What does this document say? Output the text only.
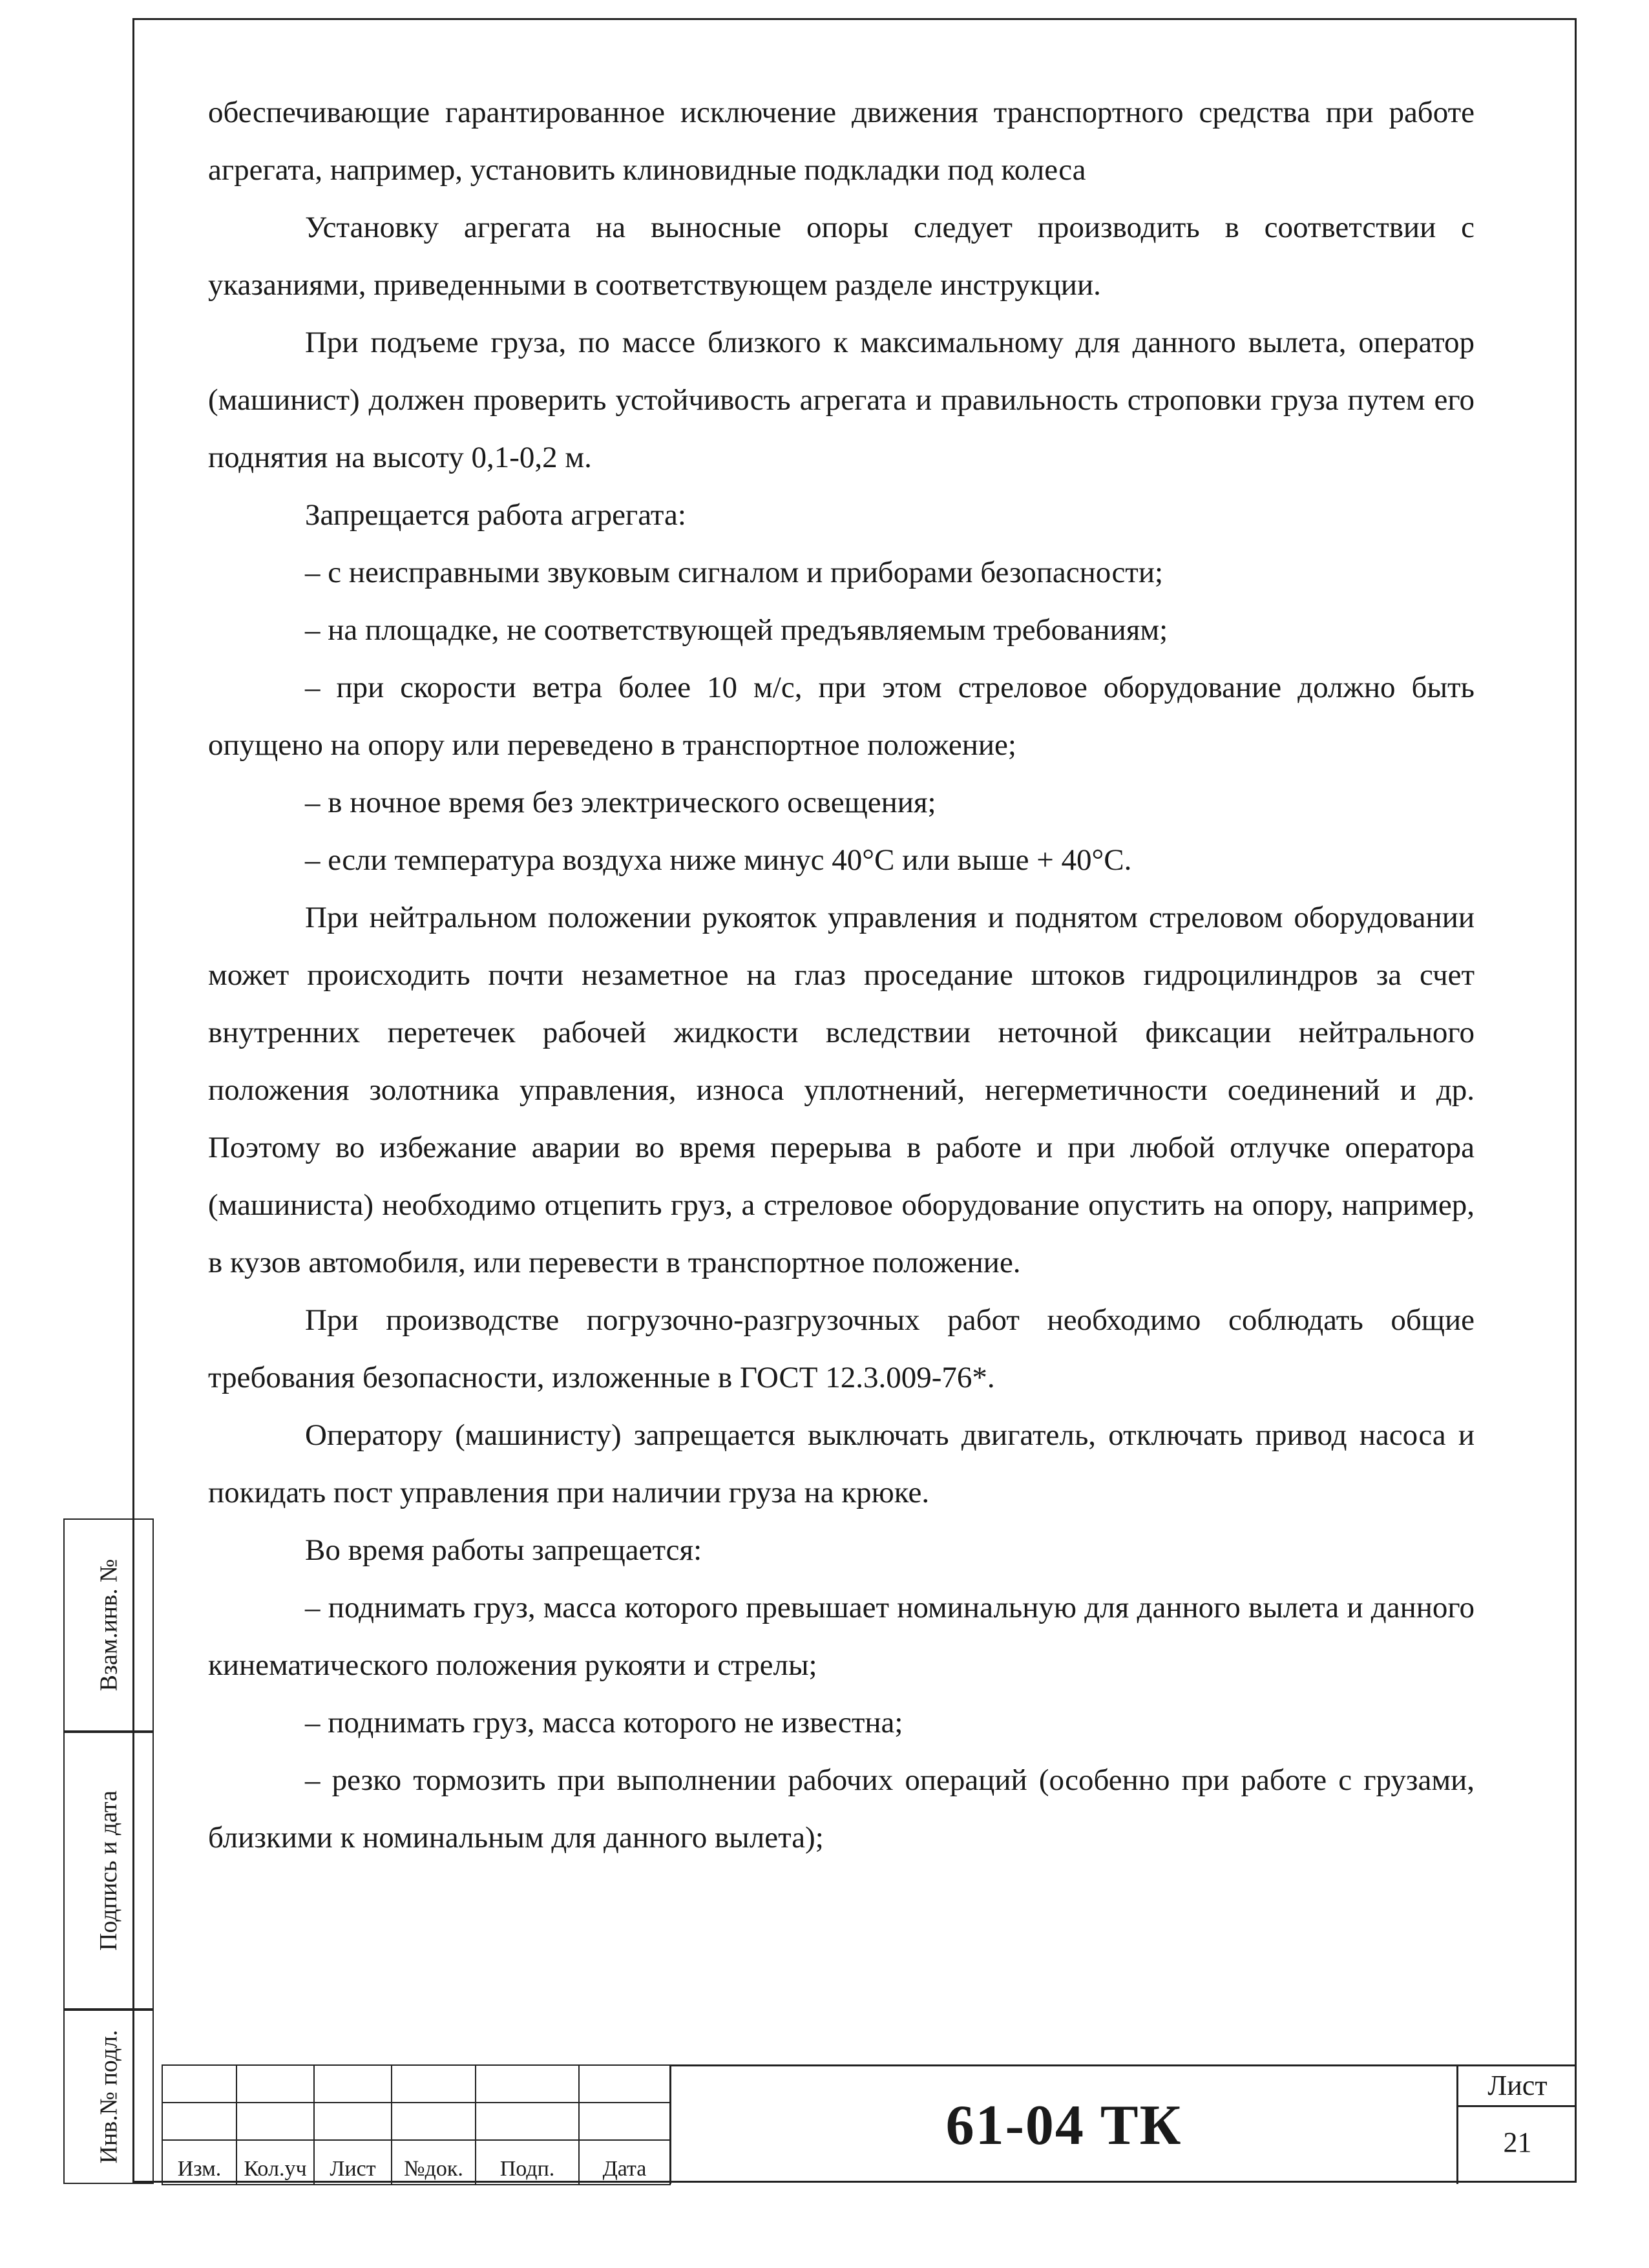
обеспечивающие гарантированное исключение движения транспортного средства при работе агрегата, например, установить клиновидные подкладки под колеса

Установку агрегата на выносные опоры следует производить в соответствии с указаниями, приведенными в соответствующем разделе инструкции.

При подъеме груза, по массе близкого к максимальному для данного вылета, оператор (машинист) должен проверить устойчивость агрегата и правильность строповки груза путем его поднятия на высоту 0,1-0,2 м.

Запрещается работа агрегата:

– с неисправными звуковым сигналом и приборами безопасности;

– на площадке, не соответствующей предъявляемым требованиям;

– при скорости ветра более 10 м/с, при этом стреловое оборудование должно быть опущено на опору или переведено в транспортное положение;

– в ночное время без электрического освещения;

– если температура воздуха ниже минус 40°С или выше + 40°С.

При нейтральном положении рукояток управления и поднятом стреловом оборудовании может происходить почти незаметное на глаз проседание штоков гидроцилиндров за счет внутренних перетечек рабочей жидкости вследствии неточной фиксации нейтрального положения золотника управления, износа уплотнений, негерметичности соединений и др. Поэтому во избежание аварии во время перерыва в работе и при любой отлучке оператора (машиниста) необходимо отцепить груз, а стреловое оборудование опустить на опору, например, в кузов автомобиля, или перевести в транспортное положение.

При производстве погрузочно-разгрузочных работ необходимо соблюдать общие требования безопасности, изложенные в ГОСТ 12.3.009-76*.

Оператору (машинисту) запрещается выключать двигатель, отключать привод насоса и покидать пост управления при наличии груза на крюке.

Во время работы запрещается:

– поднимать груз, масса которого превышает номинальную для данного вылета и данного кинематического положения рукояти и стрелы;

– поднимать груз, масса которого не известна;

– резко тормозить при выполнении рабочих операций (особенно при работе с грузами, близкими к номинальным для данного вылета);

Взам.инв. №
Подпись и дата
Инв.№ подл.

Изм.	Кол.уч	Лист	№док.	Подп.	Дата
61-04 ТК
Лист
21
